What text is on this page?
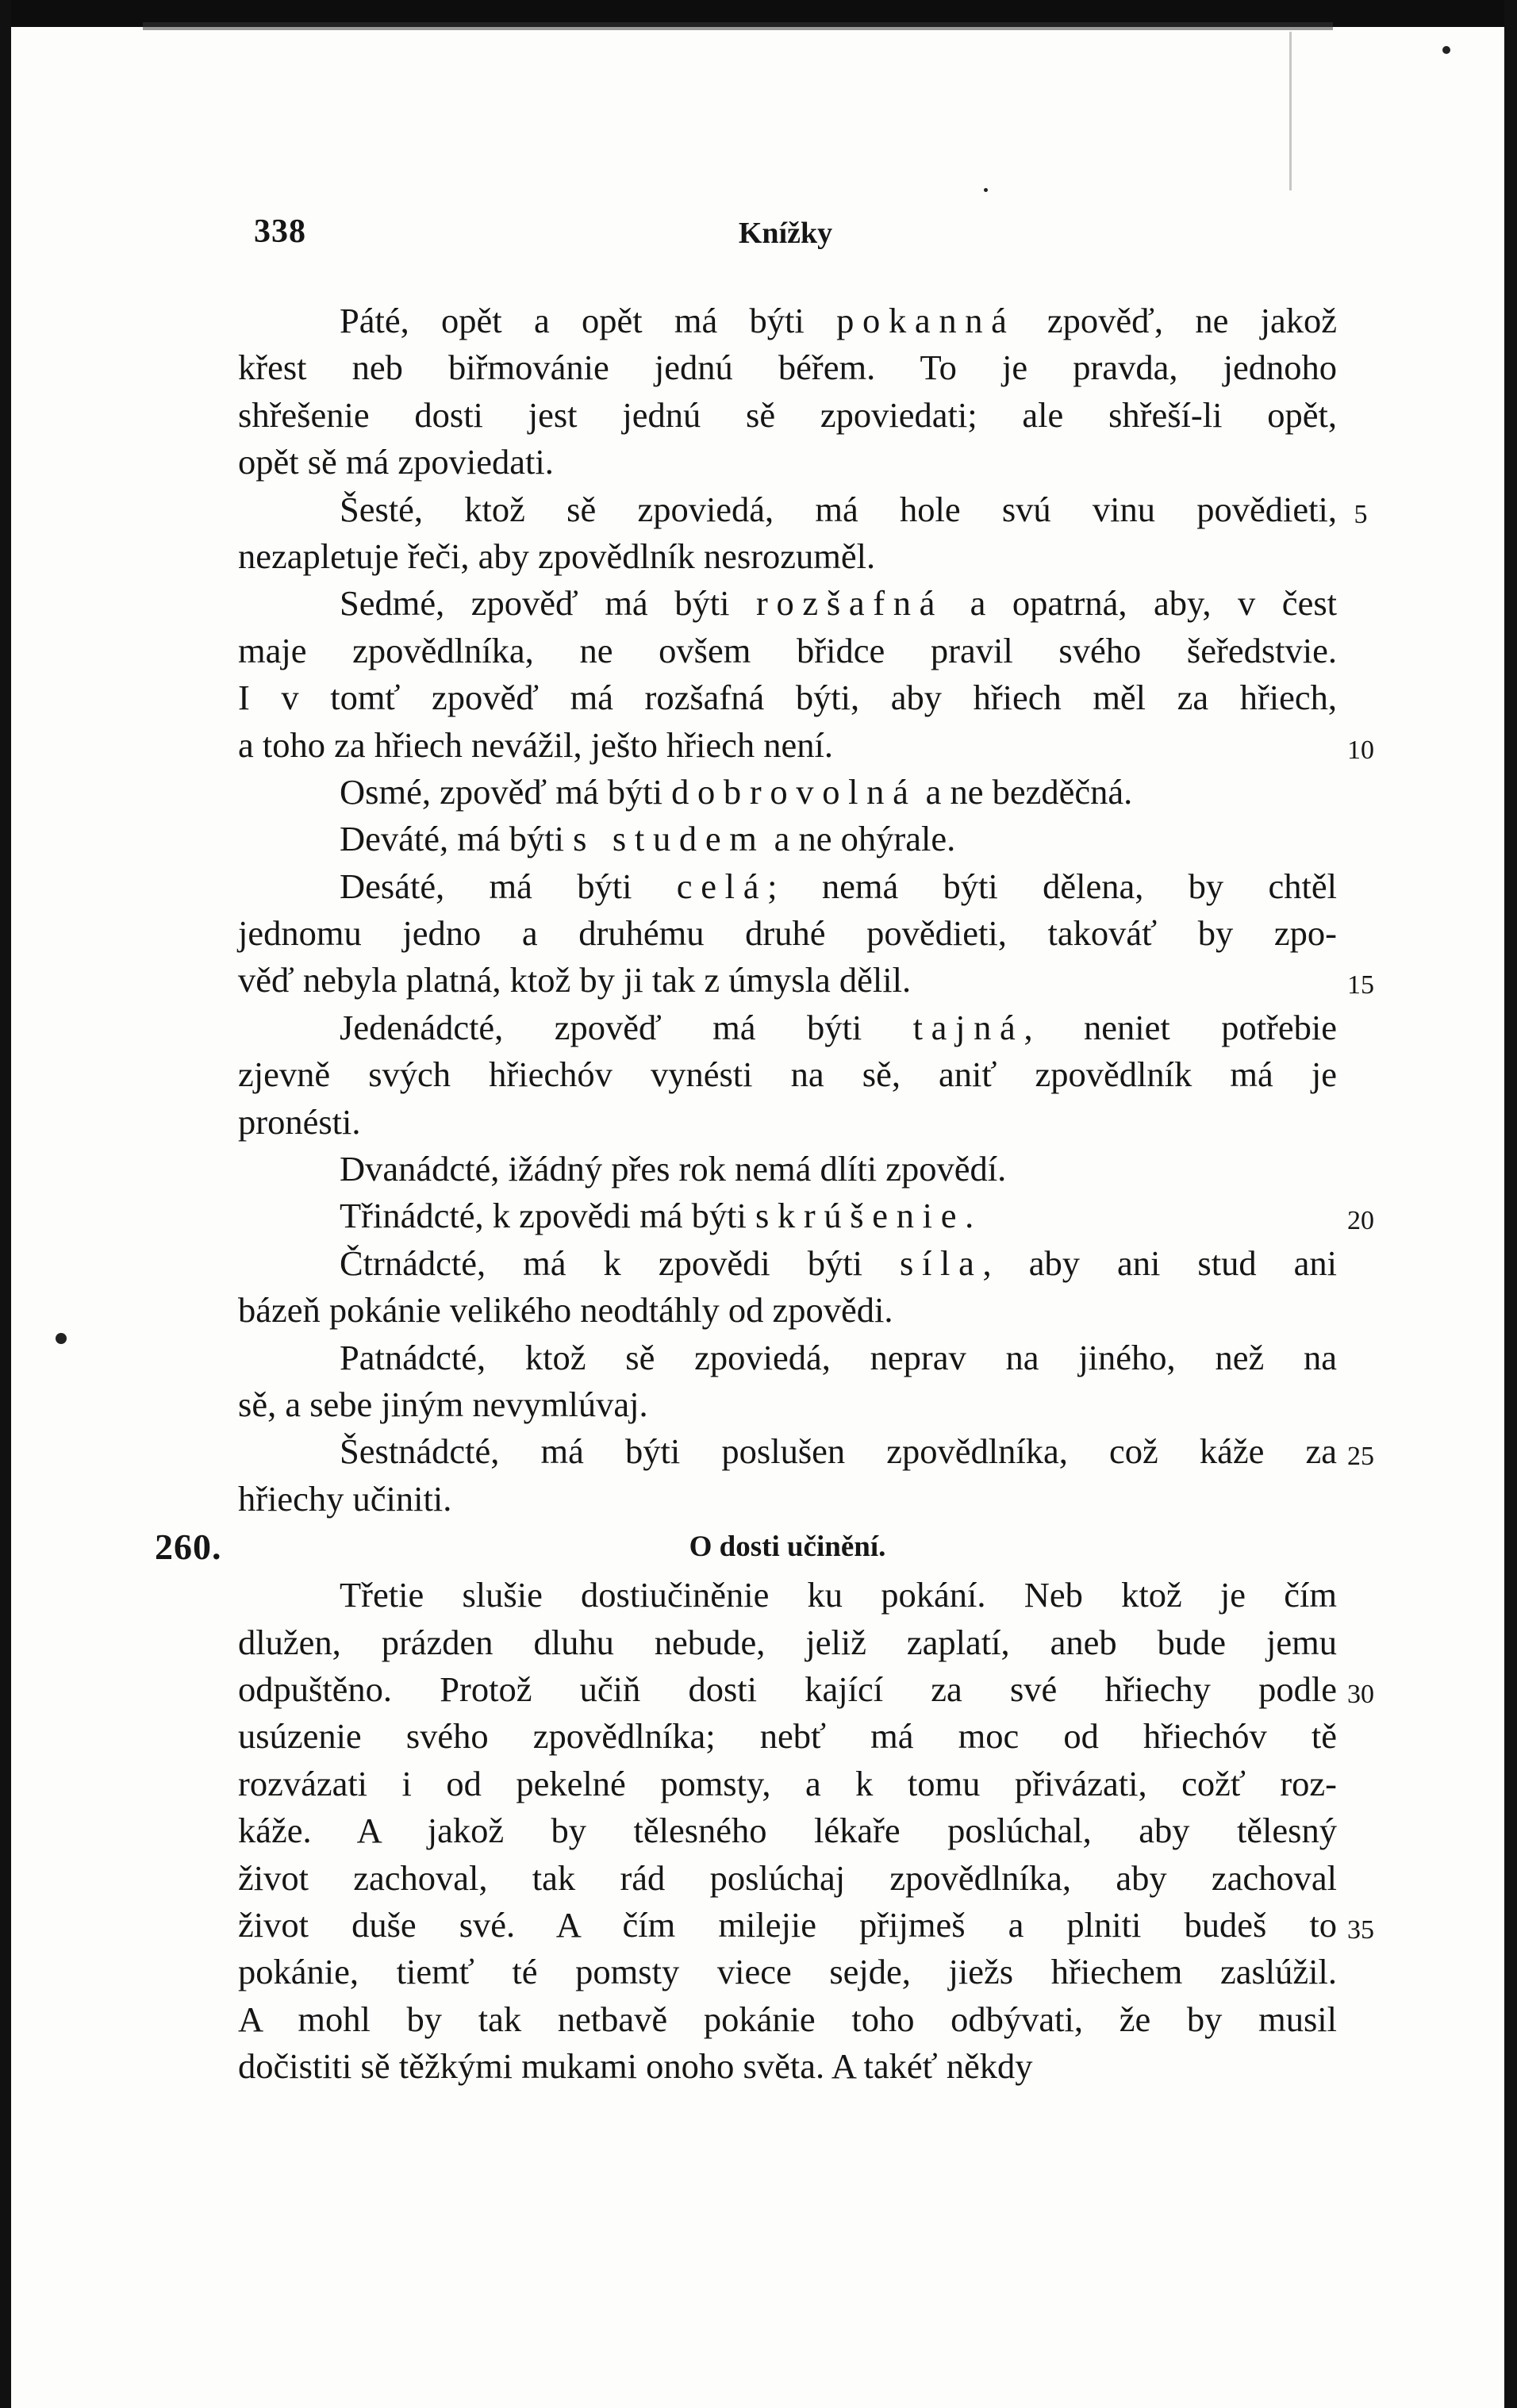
338	Knížky
Páté, opět a opět má býti pokanná zpověď, ne jakož
křest neb biřmovánie jednú béřem. To je pravda, jednoho
shřešenie dosti jest jednú sě zpoviedati; ale shřeší-li opět,
opět sě má zpoviedati.
Šesté, ktož sě zpoviedá, má hole svú vinu povědieti, 5
nezapletuje řeči, aby zpovědlník nesrozuměl.
Sedmé, zpověď má býti rozšafná a opatrná, aby, v čest
maje zpovědlníka, ne ovšem břidce pravil svého šeředstvie.
I v tomť zpověď má rozšafná býti, aby hřiech měl za hřiech,
a toho za hřiech nevážil, ješto hřiech není.	10
Osmé, zpověď má býti dobrovolná a ne bezděčná.
Deváté, má býti s studem a ne ohýrale.
Desáté, má býti celá; nemá býti dělena, by chtěl
jednomu jedno a druhému druhé povědieti, takováť by zpo-
věď nebyla platná, ktož by ji tak z úmysla dělil.	15
Jedenádcté, zpověď má býti tajná, neniet potřebie
zjevně svých hřiechóv vynésti na sě, aniť zpovědlník má je
pronésti.
Dvanádcté, ižádný přes rok nemá dlíti zpovědí.
Třinádcté, k zpovědi má býti skrúšenie.	20
Čtrnádcté, má k zpovědi býti síla, aby ani stud ani
bázeň pokánie velikého neodtáhly od zpovědi.
Patnádcté, ktož sě zpoviedá, neprav na jiného, než na
sě, a sebe jiným nevymlúvaj.
Šestnádcté, má býti poslušen zpovědlníka, což káže za 25
hřiechy učiniti.
260.	O dosti učinění.
Třetie slušie dostiučiněnie ku pokání. Neb ktož je čím
dlužen, prázden dluhu nebude, jeliž zaplatí, aneb bude jemu
odpuštěno. Protož učiň dosti kající za své hřiechy podle 30
usúzenie svého zpovědlníka; nebť má moc od hřiechóv tě
rozvázati i od pekelné pomsty, a k tomu přivázati, cožť roz-
káže. A jakož by tělesného lékaře poslúchal, aby tělesný
život zachoval, tak rád poslúchaj zpovědlníka, aby zachoval
život duše své. A čím milejie přijmeš a plniti budeš to 35
pokánie, tiemť té pomsty viece sejde, jiežs hřiechem zaslúžil.
A mohl by tak netbavě pokánie toho odbývati, že by musil
dočistiti sě těžkými mukami onoho světa. A takéť někdy
